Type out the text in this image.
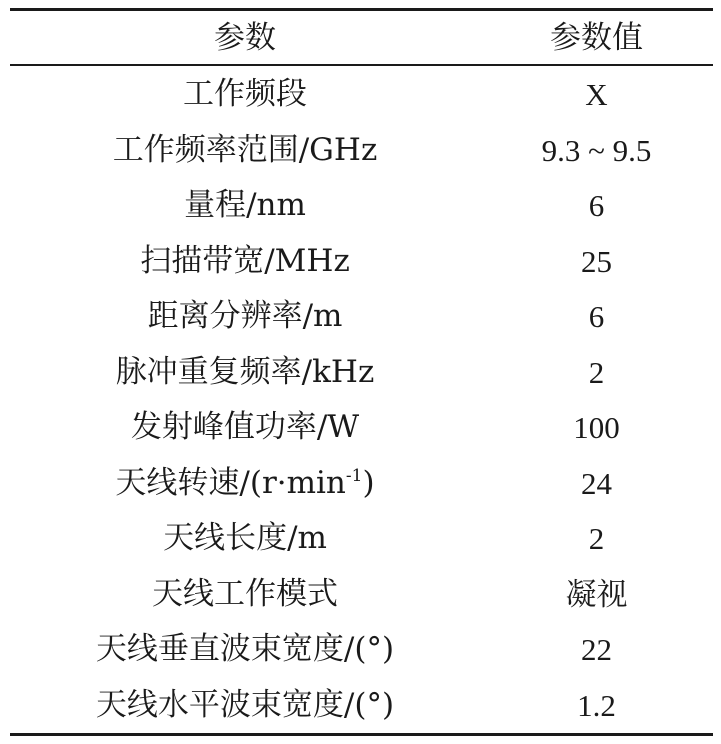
参数	参数值

工作频段	X
工作频率范围/GHz	9.3 ~ 9.5
量程/nm	6
扫描带宽/MHz	25
距离分辨率/m	6
脉冲重复频率/kHz	2
发射峰值功率/W	100
天线转速$/(r\cdot\min^{-1})$	24
天线长度/m	2
天线工作模式	凝视
天线垂直波束宽度/(°)	22
天线水平波束宽度/(°)	1.2
